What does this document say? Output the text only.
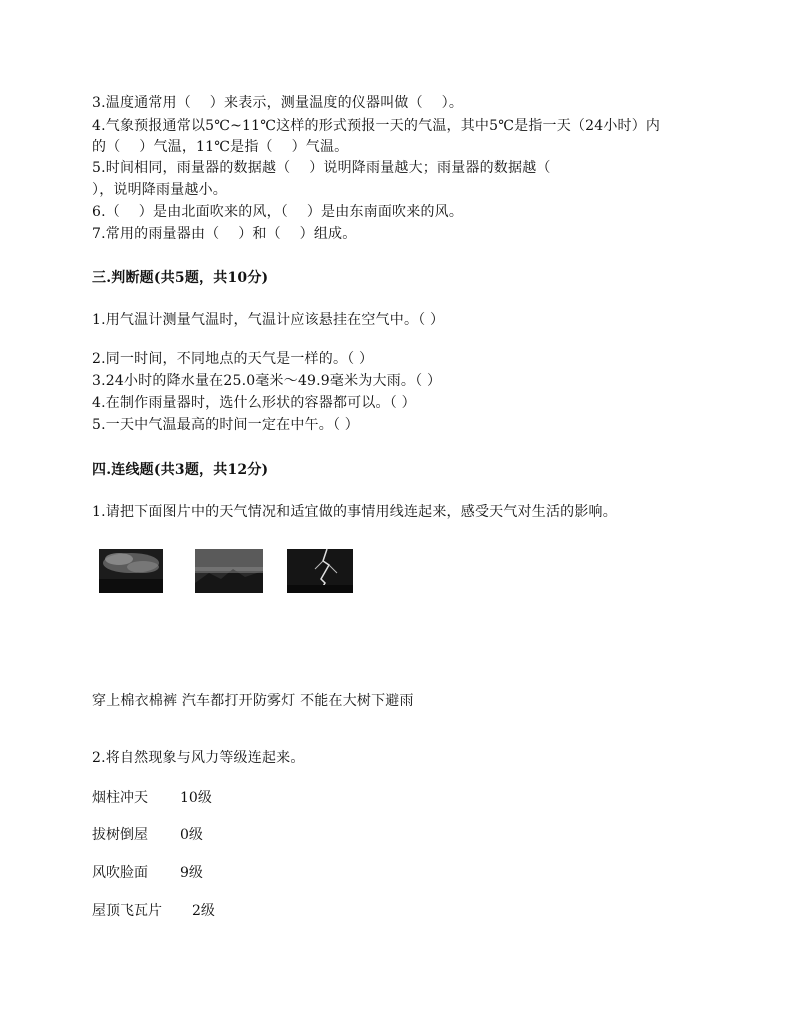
3.温度通常用（　 ）来表示，测量温度的仪器叫做（　 ）。
4.气象预报通常以5℃~11℃这样的形式预报一天的气温，其中5℃是指一天（24小时）内
的（　 ）气温，11℃是指（　 ）气温。
5.时间相同，雨量器的数据越（　 ）说明降雨量越大；雨量器的数据越（
），说明降雨量越小。
6.（　 ）是由北面吹来的风，（　 ）是由东南面吹来的风。
7.常用的雨量器由（　 ）和（　 ）组成。
三.判断题(共5题，共10分)
1.用气温计测量气温时，气温计应该悬挂在空气中。（ ）
2.同一时间，不同地点的天气是一样的。（ ）
3.24小时的降水量在25.0毫米～49.9毫米为大雨。（ ）
4.在制作雨量器时，选什么形状的容器都可以。（ ）
5.一天中气温最高的时间一定在中午。（ ）
四.连线题(共3题，共12分)
1.请把下面图片中的天气情况和适宜做的事情用线连起来，感受天气对生活的影响。
穿上棉衣棉裤 汽车都打开防雾灯 不能在大树下避雨
2.将自然现象与风力等级连起来。
烟柱冲天 10级
拔树倒屋 0级
风吹脸面 9级
屋顶飞瓦片 2级
